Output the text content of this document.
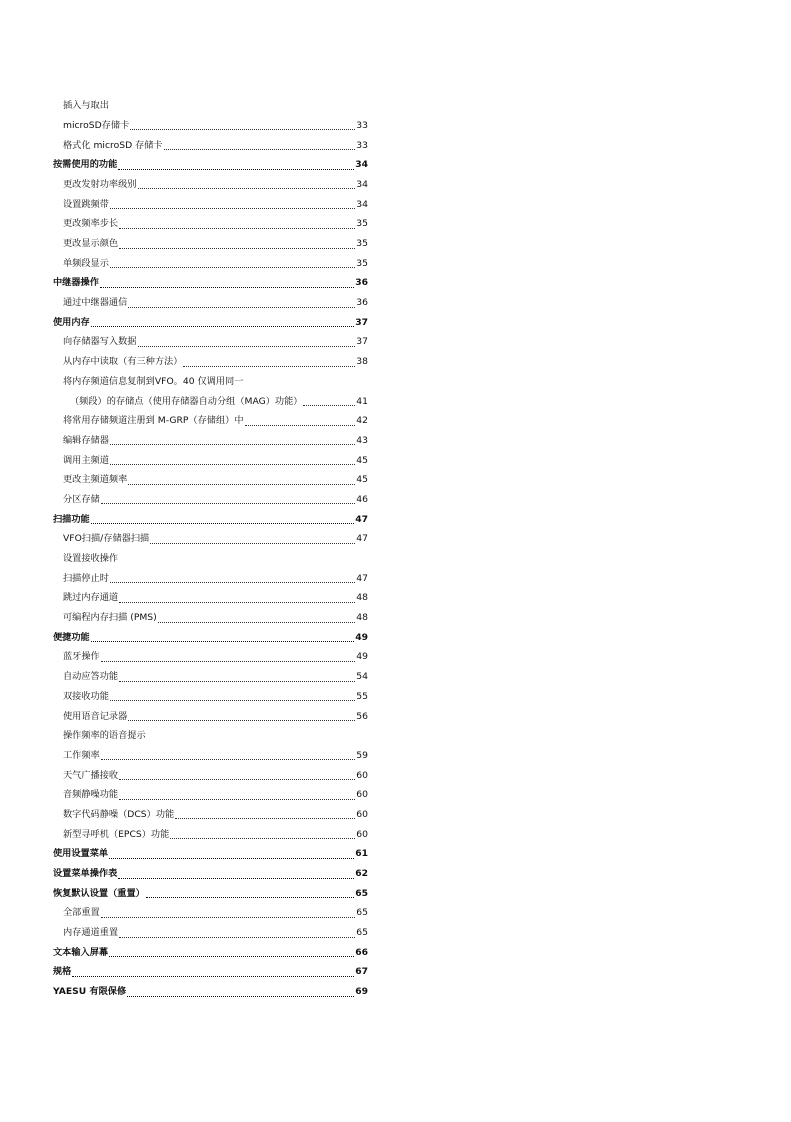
插入与取出
microSD存储卡	33
格式化 microSD 存储卡	33
按需使用的功能	34
更改发射功率级别	34
设置跳频带	34
更改频率步长	35
更改显示颜色	35
单频段显示	35
中继器操作	36
通过中继器通信	36
使用内存	37
向存储器写入数据	37
从内存中读取（有三种方法）	38
将内存频道信息复制到VFO。40 仅调用同一
（频段）的存储点（使用存储器自动分组（MAG）功能）	41
将常用存储频道注册到 M-GRP（存储组）中	42
编辑存储器	43
调用主频道	45
更改主频道频率	45
分区存储	46
扫描功能	47
VFO扫描/存储器扫描	47
设置接收操作
扫描停止时	47
跳过内存通道	48
可编程内存扫描 (PMS)	48
便捷功能	49
蓝牙操作	49
自动应答功能	54
双接收功能	55
使用语音记录器	56
操作频率的语音提示
工作频率	59
天气广播接收	60
音频静噪功能	60
数字代码静噪（DCS）功能	60
新型寻呼机（EPCS）功能	60
使用设置菜单	61
设置菜单操作表	62
恢复默认设置（重置）	65
全部重置	65
内存通道重置	65
文本输入屏幕	66
规格	67
YAESU 有限保修	69
